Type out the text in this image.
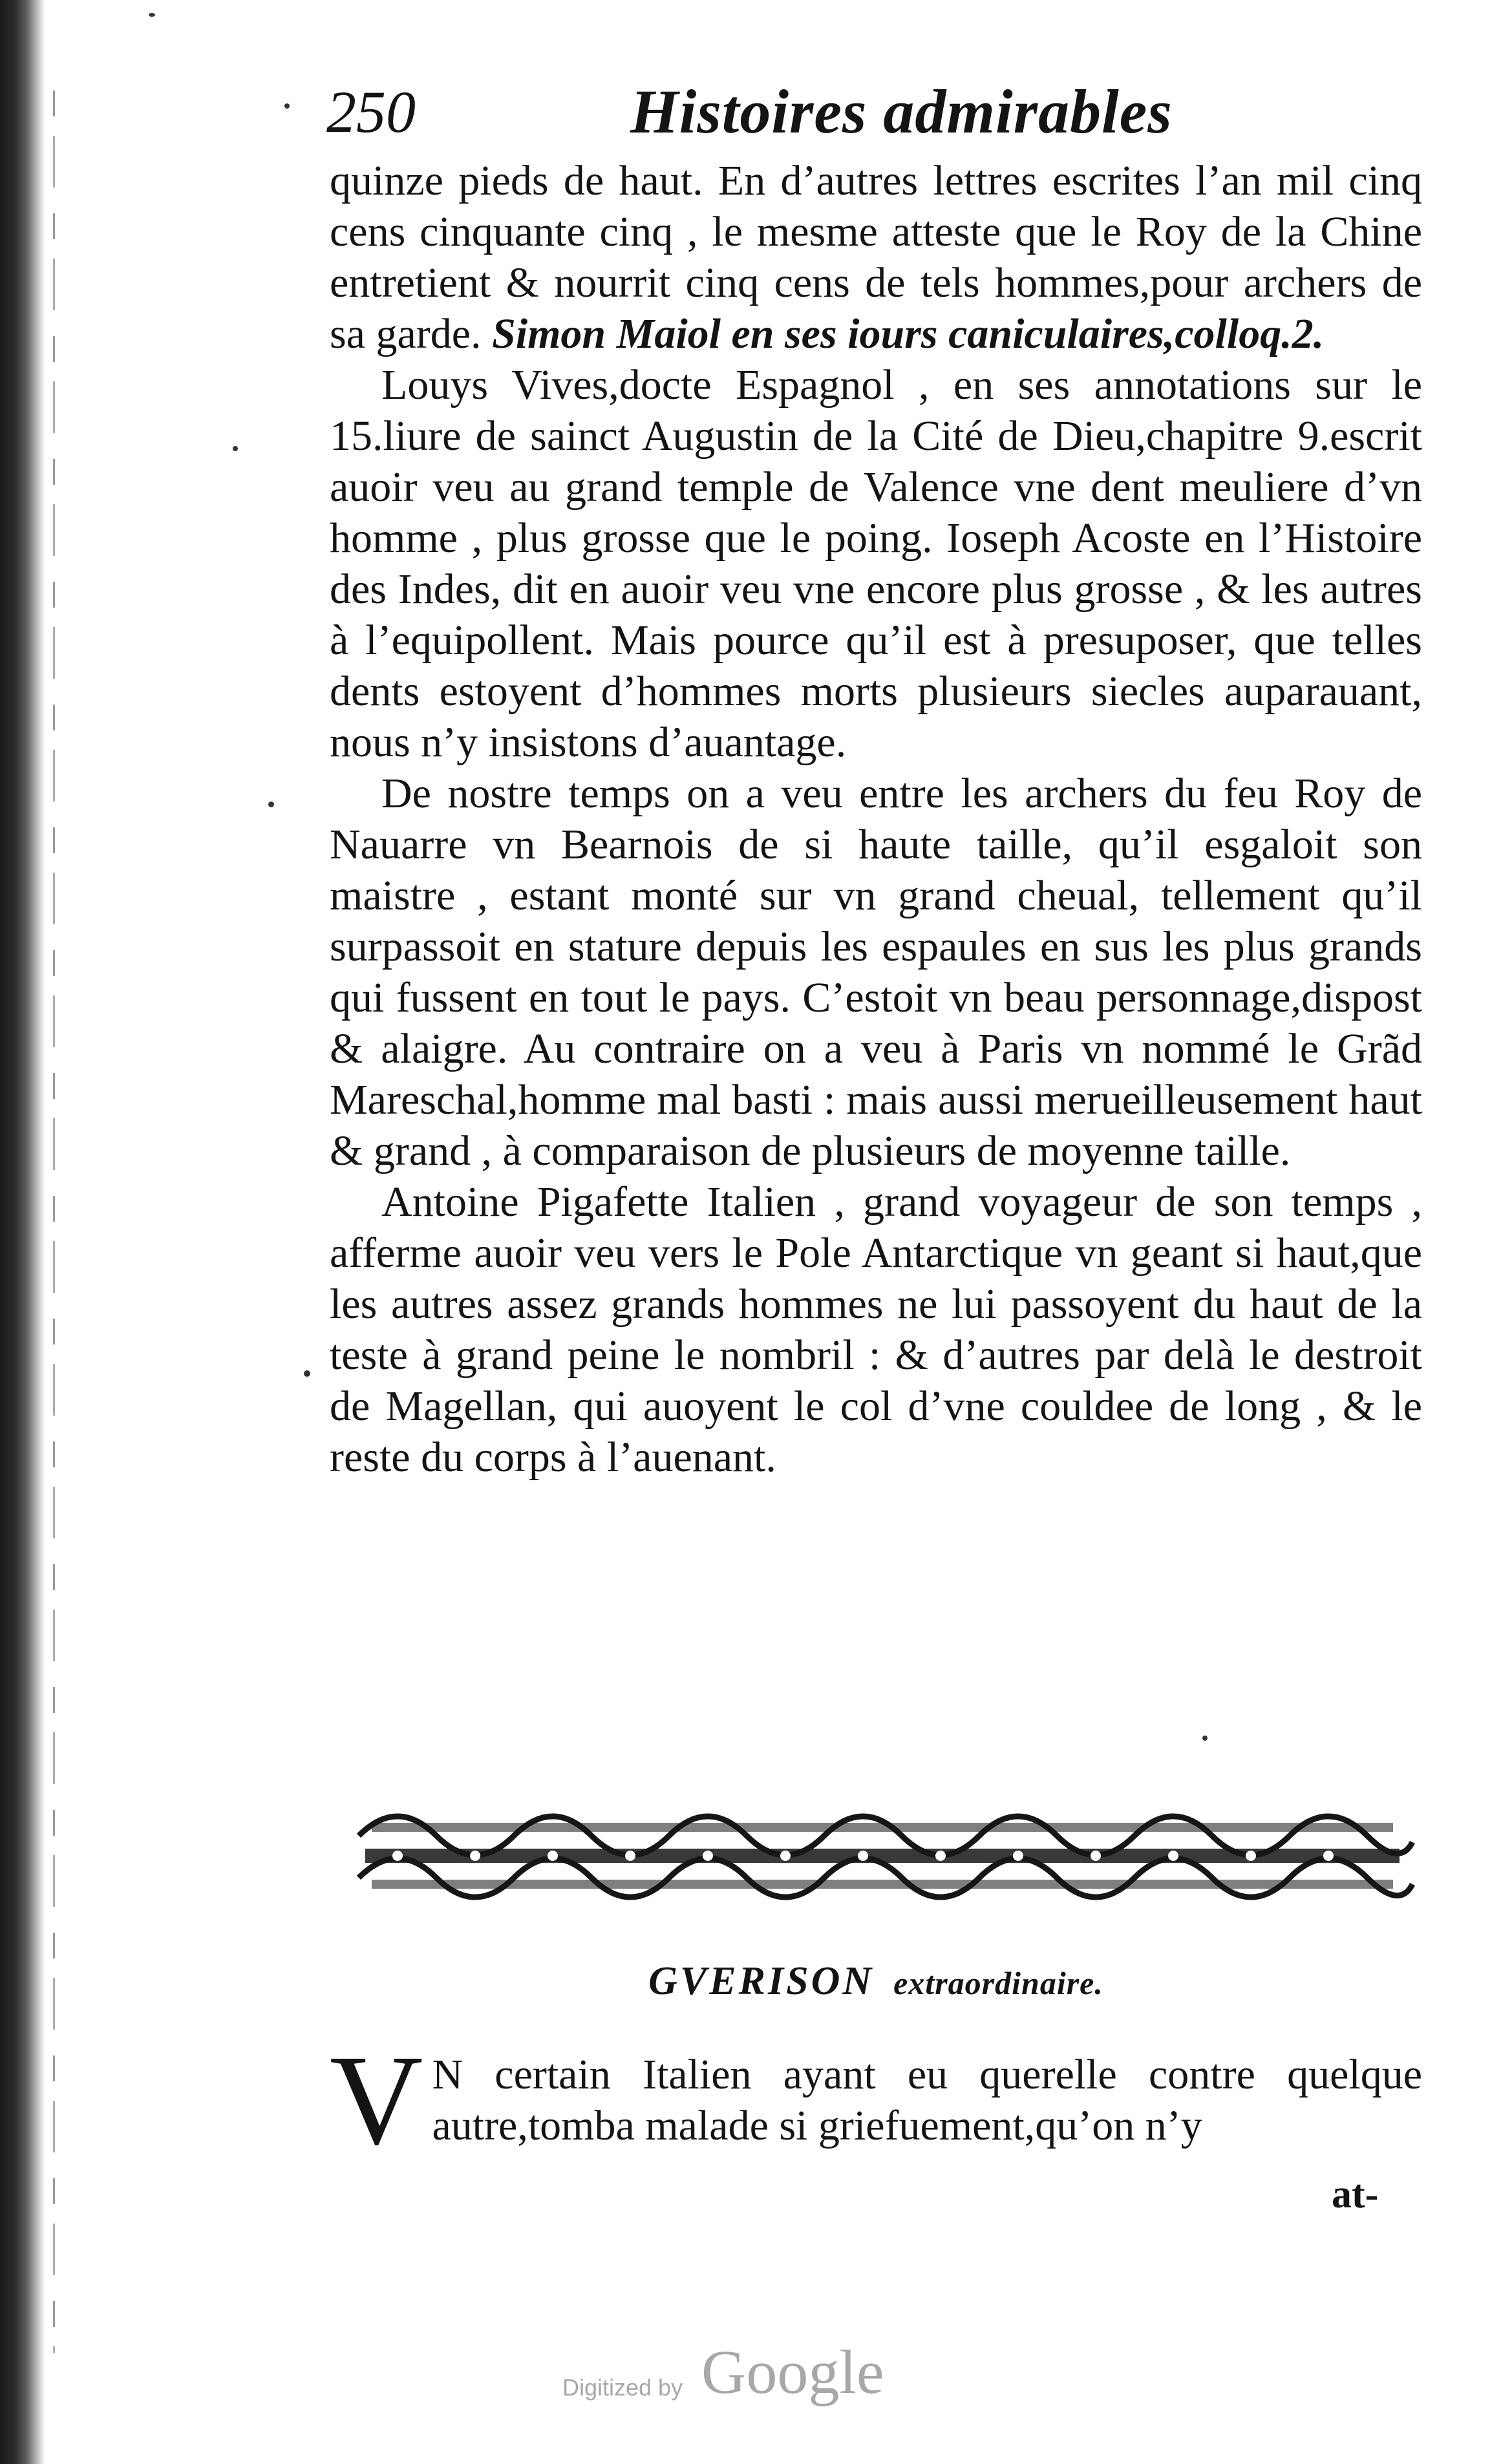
250	Histoires admirables

quinze pieds de haut. En d’autres lettres escrites l’an mil cinq cens cinquante cinq , le mesme atteste que le Roy de la Chine entretient & nourrit cinq cens de tels hommes,pour archers de sa garde. Simon Maiol en ses iours caniculaires,colloq.2.

Louys Vives,docte Espagnol , en ses annotations sur le 15.liure de sainct Augustin de la Cité de Dieu,chapitre 9.escrit auoir veu au grand temple de Valence vne dent meuliere d’vn homme , plus grosse que le poing. Ioseph Acoste en l’Histoire des Indes, dit en auoir veu vne encore plus grosse , & les autres à l’equipollent. Mais pource qu’il est à presuposer, que telles dents estoyent d’hommes morts plusieurs siecles auparauant, nous n’y insistons d’auantage.

De nostre temps on a veu entre les archers du feu Roy de Nauarre vn Bearnois de si haute taille, qu’il esgaloit son maistre , estant monté sur vn grand cheual, tellement qu’il surpassoit en stature depuis les espaules en sus les plus grands qui fussent en tout le pays. C’estoit vn beau personnage,dispost & alaigre. Au contraire on a veu à Paris vn nommé le Grãd Mareschal,homme mal basti : mais aussi merueilleusement haut & grand , à comparaison de plusieurs de moyenne taille.

Antoine Pigafette Italien , grand voyageur de son temps , afferme auoir veu vers le Pole Antarctique vn geant si haut,que les autres assez grands hommes ne lui passoyent du haut de la teste à grand peine le nombril : & d’autres par delà le destroit de Magellan, qui auoyent le col d’vne couldee de long , & le reste du corps à l’auenant.

GVERISON extraordinaire.
V N certain Italien ayant eu querelle contre quelque autre,tomba malade si griefuement,qu’on n’y

at-
Digitized by Google
